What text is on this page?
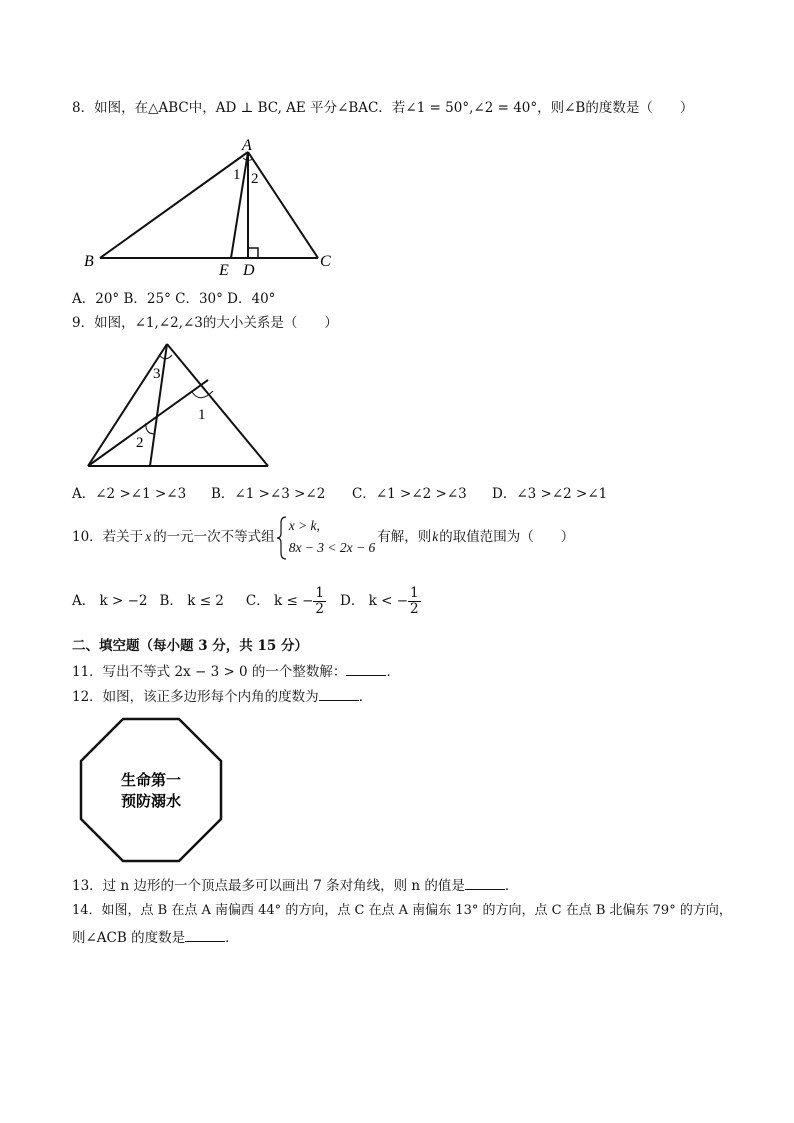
8．如图，在△ABC中，AD ⊥ BC, AE 平分∠BAC．若∠1 = 50°,∠2 = 40°，则∠B的度数是（　　）
A
B	C
D
E
1 2
A．20° B．25° C．30° D．40°
9．如图，∠1,∠2,∠3的大小关系是（　　）
3
1
2
A．∠2 >∠1 >∠3 B．∠1 >∠3 >∠2 C．∠1 >∠2 >∠3 D．∠3 >∠2 >∠1
10．若关于 x 的一元一次不等式组
x > k,
8x − 3 < 2x − 6
有解，则 k 的取值范围为（　　）
A． k > −2 B． k ≤ 2 C． k ≤ − $\frac{1}{2}$ D． k < − $\frac{1}{2}$
二、填空题（每小题 3 分，共 15 分）
11．写出不等式 2x − 3 > 0 的一个整数解：	．
12．如图，该正多边形每个内角的度数为	．
生命第一
预防溺水
13．过 n 边形的一个顶点最多可以画出 7 条对角线，则 n 的值是	．
14．如图，点 B 在点 A 南偏西 44° 的方向，点 C 在点 A 南偏东 13° 的方向，点 C 在点 B 北偏东 79° 的方向，
则∠ACB 的度数是	．
